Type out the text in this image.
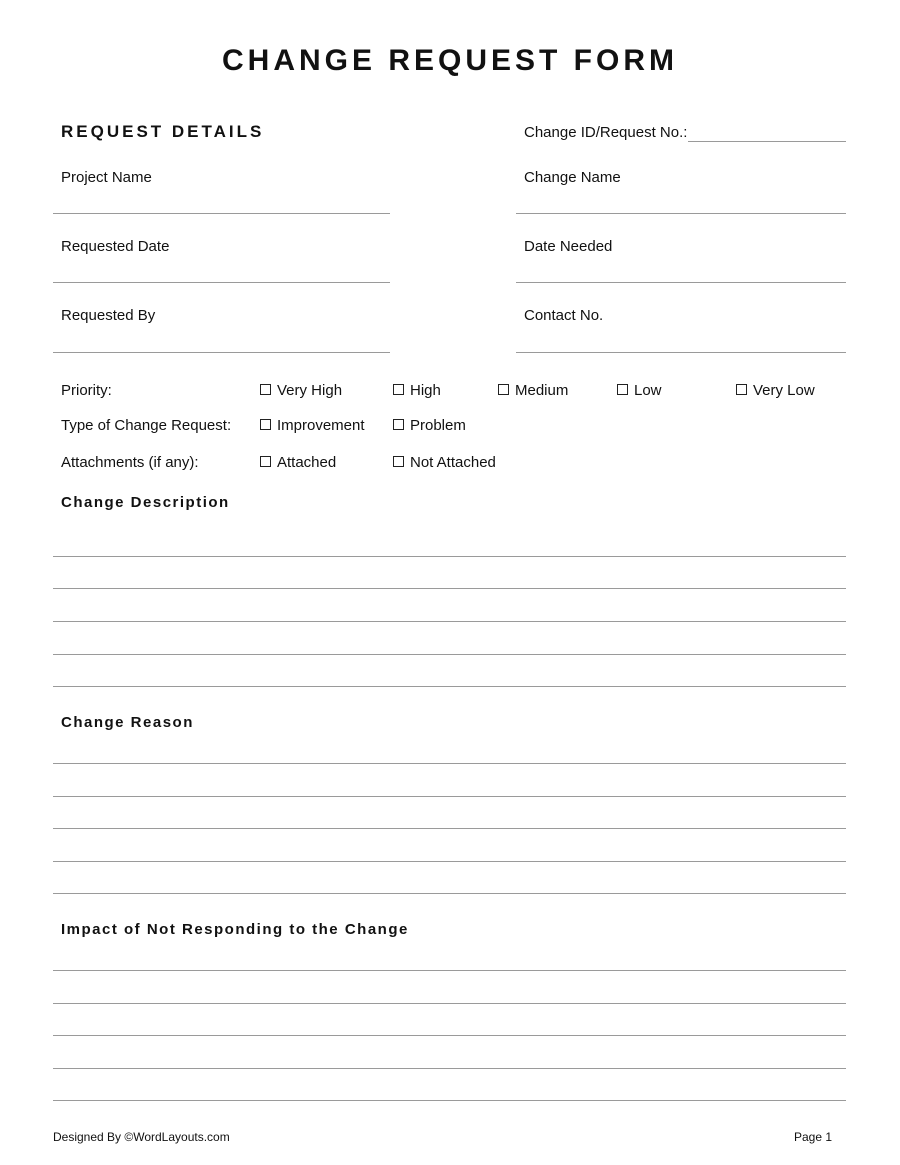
CHANGE REQUEST FORM
REQUEST DETAILS	Change ID/Request No.:
Project Name	Change Name
Requested Date	Date Needed
Requested By	Contact No.
Priority:	Very High	High	Medium	Low	Very Low
Type of Change Request:	Improvement	Problem
Attachments (if any):	Attached	Not Attached
Change Description
Change Reason
Impact of Not Responding to the Change
Designed By ©WordLayouts.com	Page 1
